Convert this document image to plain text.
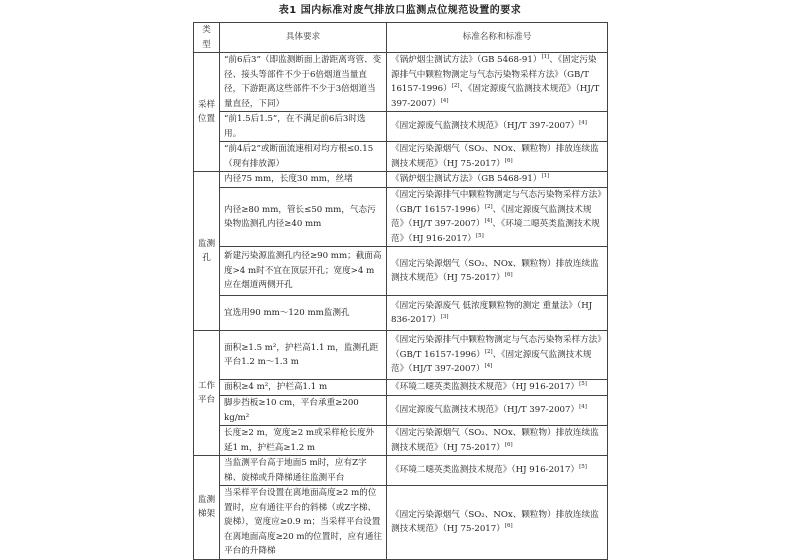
表1 国内标准对废气排放口监测点位规范设置的要求
类型	具体要求	标准名称和标准号
采样位置	“前6后3”（即监测断面上游距离弯管、变径、接头等部件不少于6倍烟道当量直径，下游距离这些部件不少于3倍烟道当量直径，下同）	《锅炉烟尘测试方法》（GB 5468-91）[1]、《固定污染源排气中颗粒物测定与气态污染物采样方法》（GB/T 16157-1996）[2]、《固定源废气监测技术规范》（HJ/T 397-2007）[4]
	“前1.5后1.5”，在不满足前6后3时选用。	《固定源废气监测技术规范》（HJ/T 397-2007）[4]
	“前4后2”或断面流速相对均方根≤0.15（现有排放源）	《固定污染源烟气（SO₂、NOx、颗粒物）排放连续监测技术规范》（HJ 75-2017）[6]
监测孔	内径75 mm，长度30 mm，丝堵	《锅炉烟尘测试方法》（GB 5468-91）[1]
	内径≥80 mm，管长≤50 mm，气态污染物监测孔内径≥40 mm	《固定污染源排气中颗粒物测定与气态污染物采样方法》（GB/T 16157-1996）[2]、《固定源废气监测技术规范》（HJ/T 397-2007）[4]、《环境二噁英类监测技术规范》（HJ 916-2017）[5]
	新建污染源监测孔内径≥90 mm；截面高度>4 m时不宜在顶层开孔；宽度>4 m应在烟道两侧开孔	《固定污染源烟气（SO₂、NOx、颗粒物）排放连续监测技术规范》（HJ 75-2017）[6]
	宜选用90 mm～120 mm监测孔	《固定污染源废气 低浓度颗粒物的测定 重量法》（HJ 836-2017）[3]
工作平台	面积≥1.5 m²，护栏高1.1 m，监测孔距平台1.2 m～1.3 m	《固定污染源排气中颗粒物测定与气态污染物采样方法》（GB/T 16157-1996）[2]、《固定源废气监测技术规范》（HJ/T 397-2007）[4]
	面积≥4 m²，护栏高1.1 m	《环境二噁英类监测技术规范》（HJ 916-2017）[5]
	脚步挡板≥10 cm，平台承重≥200 kg/m²	《固定源废气监测技术规范》（HJ/T 397-2007）[4]
	长度≥2 m，宽度≥2 m或采样枪长度外延1 m，护栏高≥1.2 m	《固定污染源烟气（SO₂、NOx、颗粒物）排放连续监测技术规范》（HJ 75-2017）[6]
监测梯架	当监测平台高于地面5 m时，应有Z字梯、旋梯或升降梯通往监测平台	《环境二噁英类监测技术规范》（HJ 916-2017）[5]
	当采样平台设置在离地面高度≥2 m的位置时，应有通往平台的斜梯（或Z字梯、旋梯），宽度应≥0.9 m；当采样平台设置在离地面高度≥20 m的位置时，应有通往平台的升降梯	《固定污染源烟气（SO₂、NOx、颗粒物）排放连续监测技术规范》（HJ 75-2017）[6]
